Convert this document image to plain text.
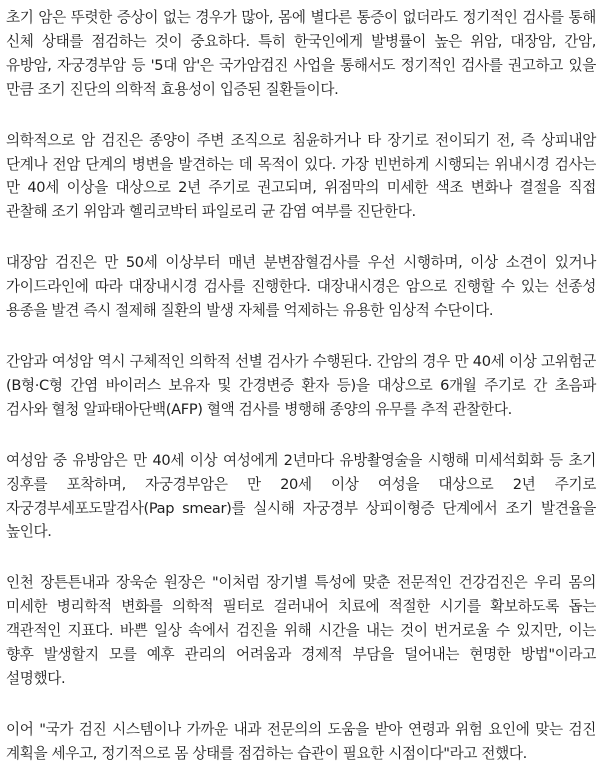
초기 암은 뚜렷한 증상이 없는 경우가 많아, 몸에 별다른 통증이 없더라도 정기적인 검사를 통해 신체 상태를 점검하는 것이 중요하다. 특히 한국인에게 발병률이 높은 위암, 대장암, 간암, 유방암, 자궁경부암 등 '5대 암'은 국가암검진 사업을 통해서도 정기적인 검사를 권고하고 있을 만큼 조기 진단의 의학적 효용성이 입증된 질환들이다.

의학적으로 암 검진은 종양이 주변 조직으로 침윤하거나 타 장기로 전이되기 전, 즉 상피내암 단계나 전암 단계의 병변을 발견하는 데 목적이 있다. 가장 빈번하게 시행되는 위내시경 검사는 만 40세 이상을 대상으로 2년 주기로 권고되며, 위점막의 미세한 색조 변화나 결절을 직접 관찰해 조기 위암과 헬리코박터 파일로리 균 감염 여부를 진단한다.

대장암 검진은 만 50세 이상부터 매년 분변잠혈검사를 우선 시행하며, 이상 소견이 있거나 가이드라인에 따라 대장내시경 검사를 진행한다. 대장내시경은 암으로 진행할 수 있는 선종성 용종을 발견 즉시 절제해 질환의 발생 자체를 억제하는 유용한 임상적 수단이다.

간암과 여성암 역시 구체적인 의학적 선별 검사가 수행된다. 간암의 경우 만 40세 이상 고위험군(B형·C형 간염 바이러스 보유자 및 간경변증 환자 등)을 대상으로 6개월 주기로 간 초음파 검사와 혈청 알파태아단백(AFP) 혈액 검사를 병행해 종양의 유무를 추적 관찰한다.

여성암 중 유방암은 만 40세 이상 여성에게 2년마다 유방촬영술을 시행해 미세석회화 등 초기 징후를 포착하며, 자궁경부암은 만 20세 이상 여성을 대상으로 2년 주기로 자궁경부세포도말검사(Pap smear)를 실시해 자궁경부 상피이형증 단계에서 조기 발견율을 높인다.

인천 장튼튼내과 장욱순 원장은 "이처럼 장기별 특성에 맞춘 전문적인 건강검진은 우리 몸의 미세한 병리학적 변화를 의학적 필터로 걸러내어 치료에 적절한 시기를 확보하도록 돕는 객관적인 지표다. 바쁜 일상 속에서 검진을 위해 시간을 내는 것이 번거로울 수 있지만, 이는 향후 발생할지 모를 예후 관리의 어려움과 경제적 부담을 덜어내는 현명한 방법"이라고 설명했다.

이어 "국가 검진 시스템이나 가까운 내과 전문의의 도움을 받아 연령과 위험 요인에 맞는 검진 계획을 세우고, 정기적으로 몸 상태를 점검하는 습관이 필요한 시점이다"라고 전했다.
